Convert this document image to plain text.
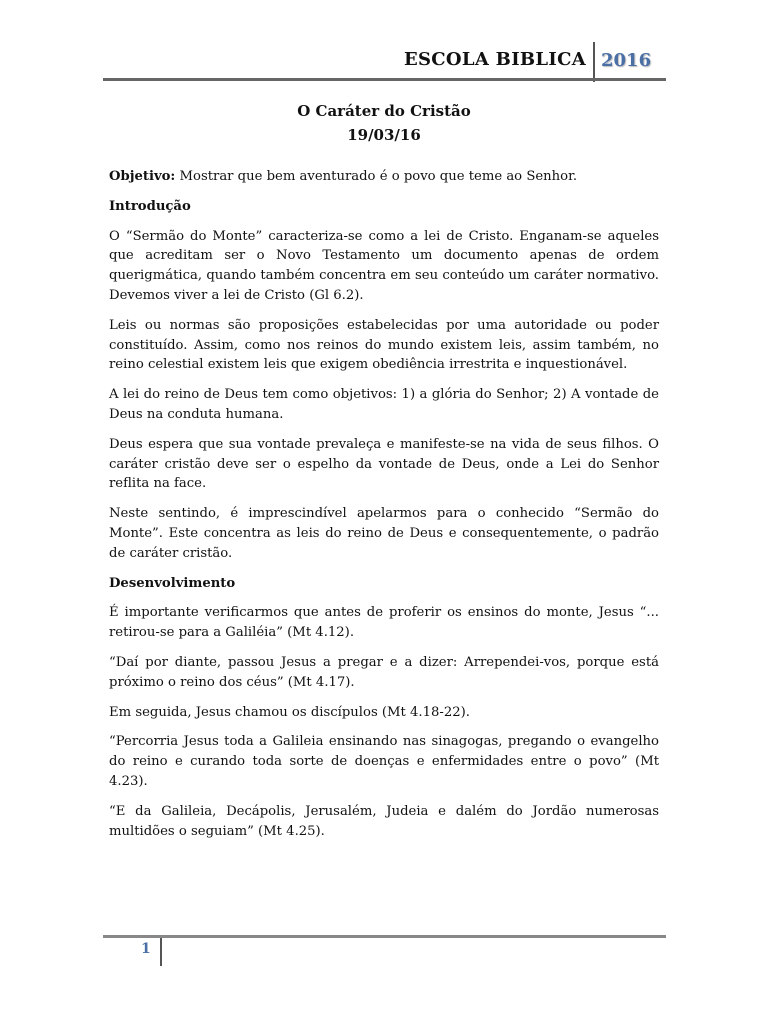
ESCOLA BIBLICA 2016
O Caráter do Cristão
19/03/16

Objetivo: Mostrar que bem aventurado é o povo que teme ao Senhor.

Introdução

O “Sermão do Monte” caracteriza-se como a lei de Cristo. Enganam-se aqueles que acreditam ser o Novo Testamento um documento apenas de ordem querigmática, quando também concentra em seu conteúdo um caráter normativo. Devemos viver a lei de Cristo (Gl 6.2).

Leis ou normas são proposições estabelecidas por uma autoridade ou poder constituído. Assim, como nos reinos do mundo existem leis, assim também, no reino celestial existem leis que exigem obediência irrestrita e inquestionável.

A lei do reino de Deus tem como objetivos: 1) a glória do Senhor; 2) A vontade de Deus na conduta humana.

Deus espera que sua vontade prevaleça e manifeste-se na vida de seus filhos. O caráter cristão deve ser o espelho da vontade de Deus, onde a Lei do Senhor reflita na face.

Neste sentindo, é imprescindível apelarmos para o conhecido “Sermão do Monte”. Este concentra as leis do reino de Deus e consequentemente, o padrão de caráter cristão.

Desenvolvimento

É importante verificarmos que antes de proferir os ensinos do monte, Jesus “... retirou-se para a Galiléia” (Mt 4.12).

“Daí por diante, passou Jesus a pregar e a dizer: Arrependei-vos, porque está próximo o reino dos céus” (Mt 4.17).

Em seguida, Jesus chamou os discípulos (Mt 4.18-22).

“Percorria Jesus toda a Galileia ensinando nas sinagogas, pregando o evangelho do reino e curando toda sorte de doenças e enfermidades entre o povo” (Mt 4.23).

“E da Galileia, Decápolis, Jerusalém, Judeia e dalém do Jordão numerosas multidões o seguiam” (Mt 4.25).

1
